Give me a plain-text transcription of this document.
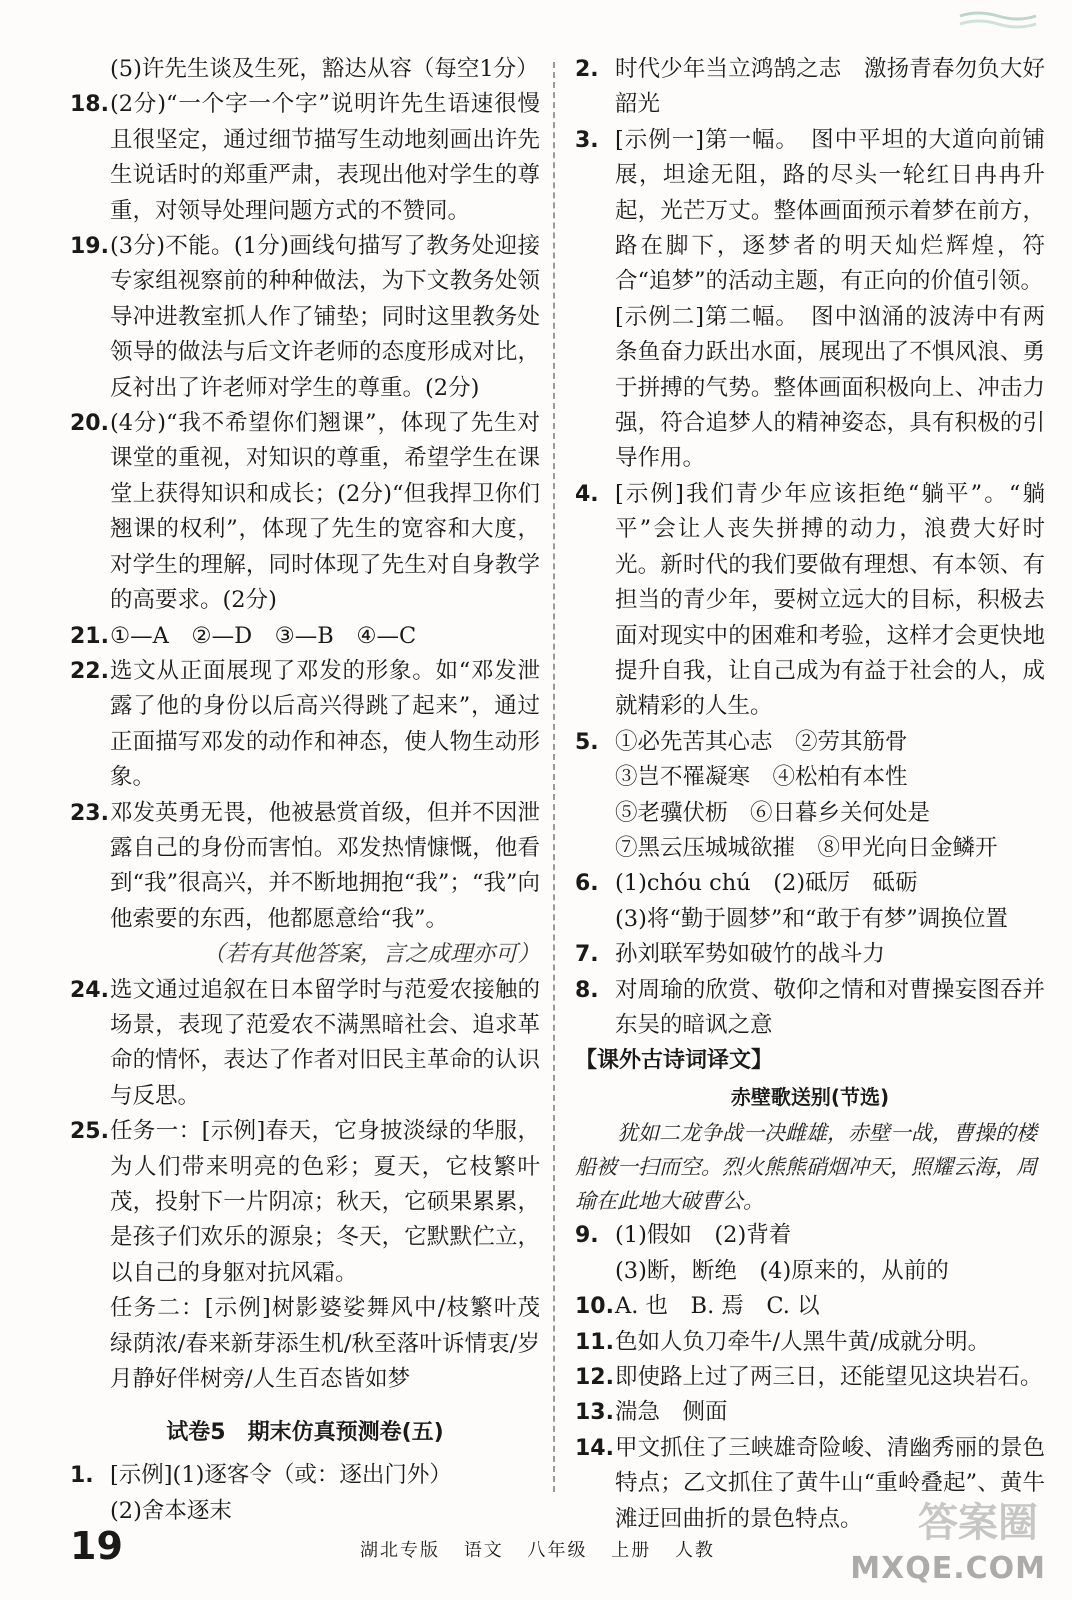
(5)许先生谈及生死，豁达从容（每空1分）
18. (2分)“一个字一个字”说明许先生语速很慢且很坚定，通过细节描写生动地刻画出许先生说话时的郑重严肃，表现出他对学生的尊重，对领导处理问题方式的不赞同。

19. (3分)不能。(1分)画线句描写了教务处迎接专家组视察前的种种做法，为下文教务处领导冲进教室抓人作了铺垫；同时这里教务处领导的做法与后文许老师的态度形成对比，反衬出了许老师对学生的尊重。(2分)

20. (4分)“我不希望你们翘课”，体现了先生对课堂的重视，对知识的尊重，希望学生在课堂上获得知识和成长；(2分)“但我捍卫你们翘课的权利”，体现了先生的宽容和大度，对学生的理解，同时体现了先生对自身教学的高要求。(2分)

21. ①—A　②—D　③—B　④—C

22. 选文从正面展现了邓发的形象。如“邓发泄露了他的身份以后高兴得跳了起来”，通过正面描写邓发的动作和神态，使人物生动形象。

23. 邓发英勇无畏，他被悬赏首级，但并不因泄露自己的身份而害怕。邓发热情慷慨，他看到“我”很高兴，并不断地拥抱“我”；“我”向他索要的东西，他都愿意给“我”。

（若有其他答案，言之成理亦可）

24. 选文通过追叙在日本留学时与范爱农接触的场景，表现了范爱农不满黑暗社会、追求革命的情怀，表达了作者对旧民主革命的认识与反思。

25. 任务一：[示例]春天，它身披淡绿的华服，为人们带来明亮的色彩；夏天，它枝繁叶茂，投射下一片阴凉；秋天，它硕果累累，是孩子们欢乐的源泉；冬天，它默默伫立，以自己的身躯对抗风霜。

任务二：[示例]树影婆娑舞风中/枝繁叶茂绿荫浓/春来新芽添生机/秋至落叶诉情衷/岁月静好伴树旁/人生百态皆如梦

试卷5　期末仿真预测卷(五)
1. [示例](1)逐客令（或：逐出门外）

(2)舍本逐末
2. 时代少年当立鸿鹄之志　激扬青春勿负大好韶光

3. [示例一]第一幅。　图中平坦的大道向前铺展，坦途无阻，路的尽头一轮红日冉冉升起，光芒万丈。整体画面预示着梦在前方，路在脚下，逐梦者的明天灿烂辉煌，符合“追梦”的活动主题，有正向的价值引领。

[示例二]第二幅。　图中汹涌的波涛中有两条鱼奋力跃出水面，展现出了不惧风浪、勇于拼搏的气势。整体画面积极向上、冲击力强，符合追梦人的精神姿态，具有积极的引导作用。

4. [示例]我们青少年应该拒绝“躺平”。“躺平”会让人丧失拼搏的动力，浪费大好时光。新时代的我们要做有理想、有本领、有担当的青少年，要树立远大的目标，积极去面对现实中的困难和考验，这样才会更快地提升自我，让自己成为有益于社会的人，成就精彩的人生。

5. ①必先苦其心志　②劳其筋骨

③岂不罹凝寒　④松柏有本性

⑤老骥伏枥　⑥日暮乡关何处是

⑦黑云压城城欲摧　⑧甲光向日金鳞开

6. (1)chóu chú　(2)砥厉　砥砺

(3)将“勤于圆梦”和“敢于有梦”调换位置

7. 孙刘联军势如破竹的战斗力

8. 对周瑜的欣赏、敬仰之情和对曹操妄图吞并东吴的暗讽之意

【课外古诗词译文】
赤壁歌送别(节选)

犹如二龙争战一决雌雄，赤壁一战，曹操的楼船被一扫而空。烈火熊熊硝烟冲天，照耀云海，周瑜在此地大破曹公。

9. (1)假如　(2)背着

(3)断，断绝　(4)原来的，从前的

10. A. 也　B. 焉　C. 以

11. 色如人负刀牵牛/人黑牛黄/成就分明。

12. 即使路上过了两三日，还能望见这块岩石。

13. 湍急　侧面

14. 甲文抓住了三峡雄奇险峻、清幽秀丽的景色特点；乙文抓住了黄牛山“重岭叠起”、黄牛滩迂回曲折的景色特点。

19	湖北专版 语文 八年级 上册 人教
答案圈
MXQE.COM
